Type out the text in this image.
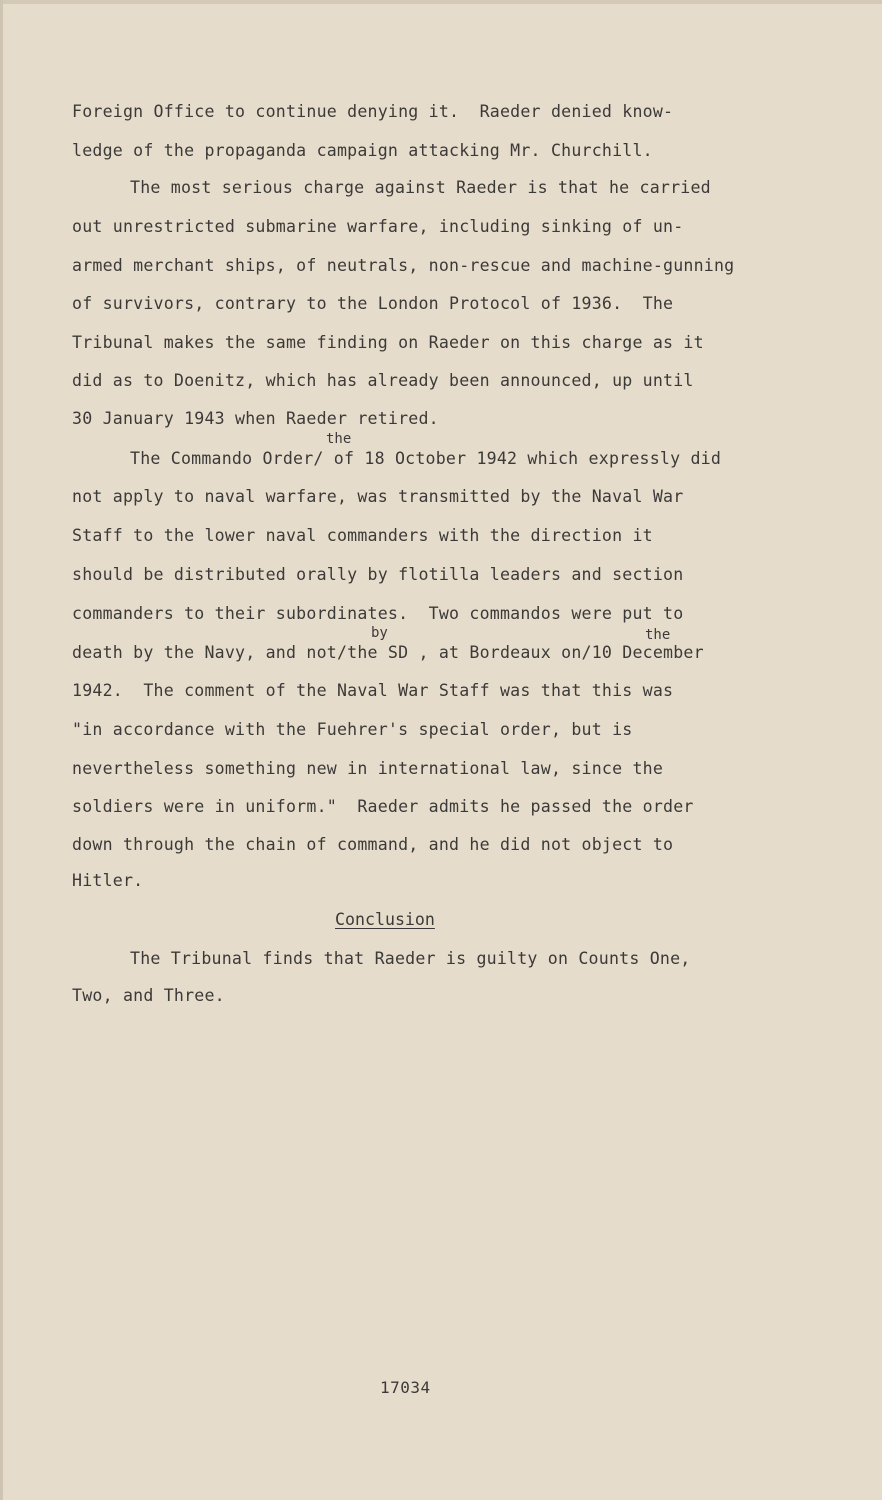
Foreign Office to continue denying it.  Raeder denied know-
ledge of the propaganda campaign attacking Mr. Churchill.
The most serious charge against Raeder is that he carried
out unrestricted submarine warfare, including sinking of un-
armed merchant ships, of neutrals, non-rescue and machine-gunning
of survivors, contrary to the London Protocol of 1936.  The
Tribunal makes the same finding on Raeder on this charge as it
did as to Doenitz, which has already been announced, up until
30 January 1943 when Raeder retired.
the
The Commando Order/ of 18 October 1942 which expressly did
not apply to naval warfare, was transmitted by the Naval War
Staff to the lower naval commanders with the direction it
should be distributed orally by flotilla leaders and section
commanders to their subordinates.  Two commandos were put to
by	the
death by the Navy, and not/the SD , at Bordeaux on/10 December
1942.  The comment of the Naval War Staff was that this was
"in accordance with the Fuehrer's special order, but is
nevertheless something new in international law, since the
soldiers were in uniform."  Raeder admits he passed the order
down through the chain of command, and he did not object to
Hitler.
Conclusion
The Tribunal finds that Raeder is guilty on Counts One,
Two, and Three.
17034
